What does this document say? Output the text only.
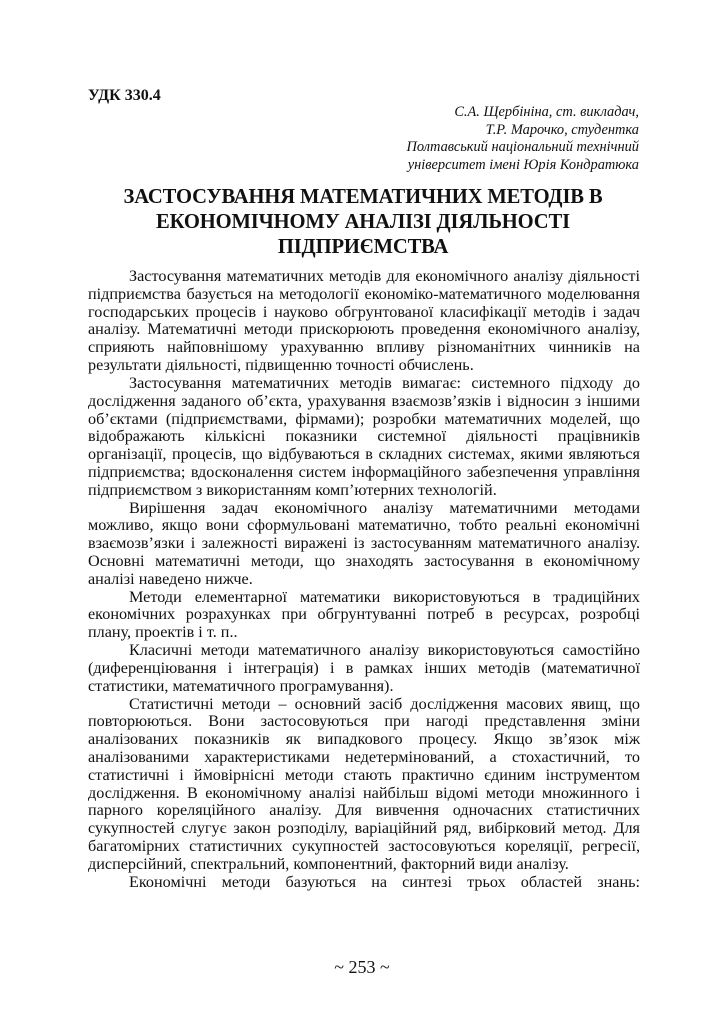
УДК 330.4
С.А. Щербініна, ст. викладач,
Т.Р. Марочко, студентка
Полтавський національний технічний
університет імені Юрія Кондратюка
ЗАСТОСУВАННЯ МАТЕМАТИЧНИХ МЕТОДІВ В
ЕКОНОМІЧНОМУ АНАЛІЗІ ДІЯЛЬНОСТІ
ПІДПРИЄМСТВА

Застосування математичних методів для економічного аналізу діяльності підприємства базується на методології економіко-математичного моделювання господарських процесів і науково обгрунтованої класифікації методів і задач аналізу. Математичні методи прискорюють проведення економічного аналізу, сприяють найповнішому урахуванню впливу різноманітних чинників на результати діяльності, підвищенню точності обчислень.

Застосування математичних методів вимагає: системного підходу до дослідження заданого об’єкта, урахування взаємозв’язків і відносин з іншими об’єктами (підприємствами, фірмами); розробки математичних моделей, що відображають кількісні показники системної діяльності працівників організації, процесів, що відбуваються в складних системах, якими являються підприємства; вдосконалення систем інформаційного забезпечення управління підприємством з використанням комп’ютерних технологій.

Вирішення задач економічного аналізу математичними методами можливо, якщо вони сформульовані математично, тобто реальні економічні взаємозв’язки і залежності виражені із застосуванням математичного аналізу. Основні математичні методи, що знаходять застосування в економічному аналізі наведено нижче.

Методи елементарної математики використовуються в традиційних економічних розрахунках при обгрунтуванні потреб в ресурсах, розробці плану, проектів і т. п..

Класичні методи математичного аналізу використовуються самостійно (диференціювання і інтеграція) і в рамках інших методів (математичної статистики, математичного програмування).

Статистичні методи – основний засіб дослідження масових явищ, що повторюються. Вони застосовуються при нагоді представлення зміни аналізованих показників як випадкового процесу. Якщо зв’язок між аналізованими характеристиками недетермінований, а стохастичний, то статистичні і ймовірнісні методи стають практично єдиним інструментом дослідження. В економічному аналізі найбільш відомі методи множинного і парного кореляційного аналізу. Для вивчення одночасних статистичних сукупностей слугує закон розподілу, варіаційний ряд, вибірковий метод. Для багатомірних статистичних сукупностей застосовуються кореляції, регресії, дисперсійний, спектральний, компонентний, факторний види аналізу.

Економічні методи базуються на синтезі трьох областей знань:

~ 253 ~
